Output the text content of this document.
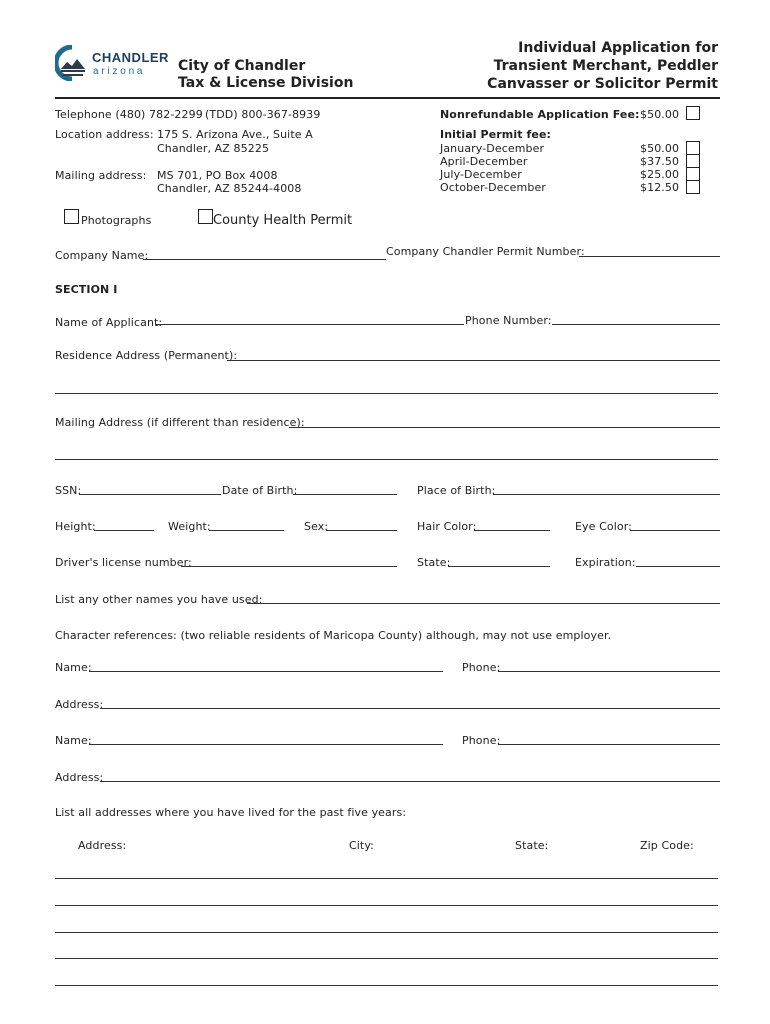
CHANDLER
a r i z o n a	City of Chandler
Tax & License Division
Individual Application for
Transient Merchant, Peddler
Canvasser or Solicitor Permit
Telephone (480) 782-2299 (TDD) 800-367-8939
Location address: 175 S. Arizona Ave., Suite A
Chandler, AZ 85225
Mailing address: MS 701, PO Box 4008
Chandler, AZ 85244-4008
Nonrefundable Application Fee: $50.00
Initial Permit fee:
January-December	$50.00
April-December	$37.50
July-December	$25.00
October-December	$12.50
Photographs	County Health Permit
Company Name:	Company Chandler Permit Number:
SECTION I
Name of Applicant:	Phone Number:
Residence Address (Permanent):
Mailing Address (if different than residence):
SSN:	Date of Birth:	Place of Birth:
Height:	Weight:	Sex:	Hair Color:	Eye Color:
Driver's license number:	State:	Expiration:
List any other names you have used:
Character references: (two reliable residents of Maricopa County) although, may not use employer.
Name:	Phone:
Address:
Name:	Phone:
Address:
List all addresses where you have lived for the past five years:
Address:	City:	State:	Zip Code:
